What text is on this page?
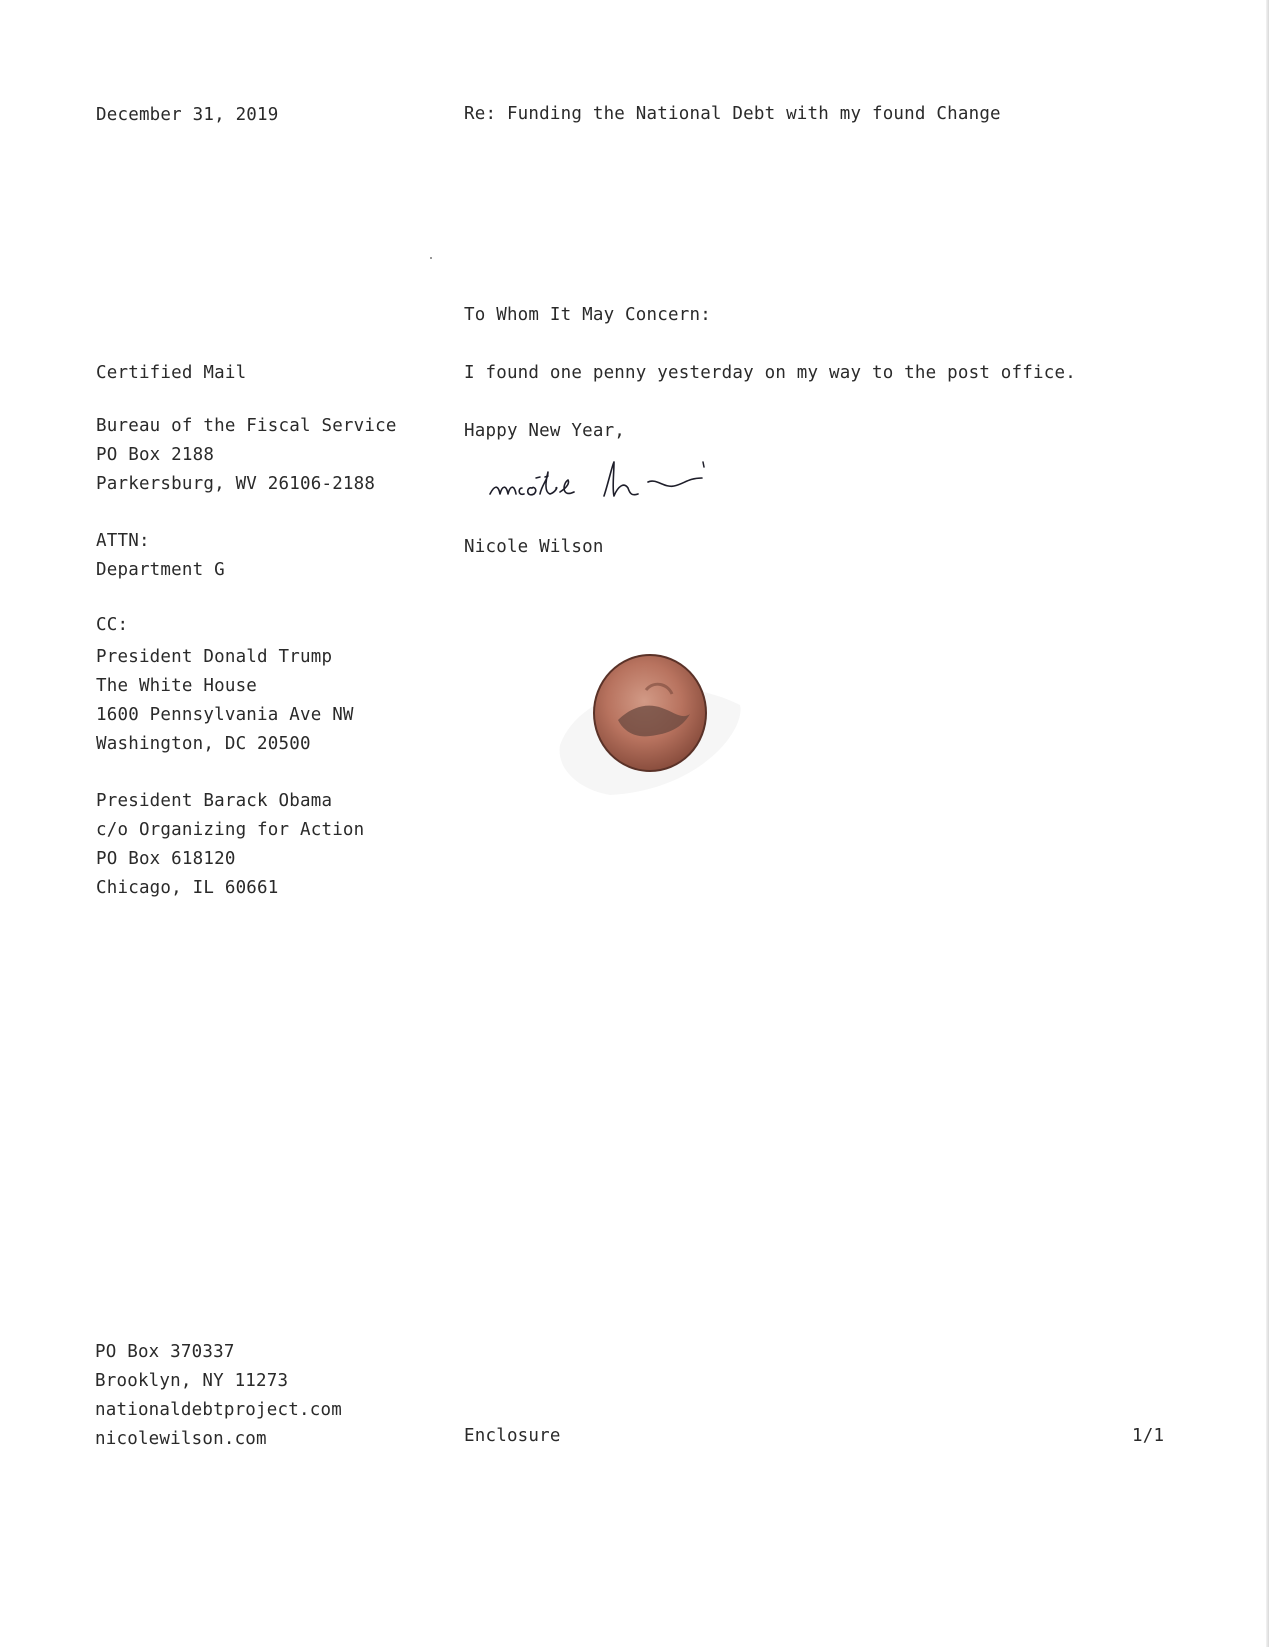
December 31, 2019	Re: Funding the National Debt with my found Change
To Whom It May Concern:
I found one penny yesterday on my way to the post office.
Happy New Year,
Nicole Wilson
Certified Mail
Bureau of the Fiscal Service
PO Box 2188
Parkersburg, WV 26106-2188
ATTN:
Department G
CC:
President Donald Trump
The White House
1600 Pennsylvania Ave NW
Washington, DC 20500
President Barack Obama
c/o Organizing for Action
PO Box 618120
Chicago, IL 60661
PO Box 370337
Brooklyn, NY 11273
nationaldebtproject.com
nicolewilson.com	Enclosure	1/1
